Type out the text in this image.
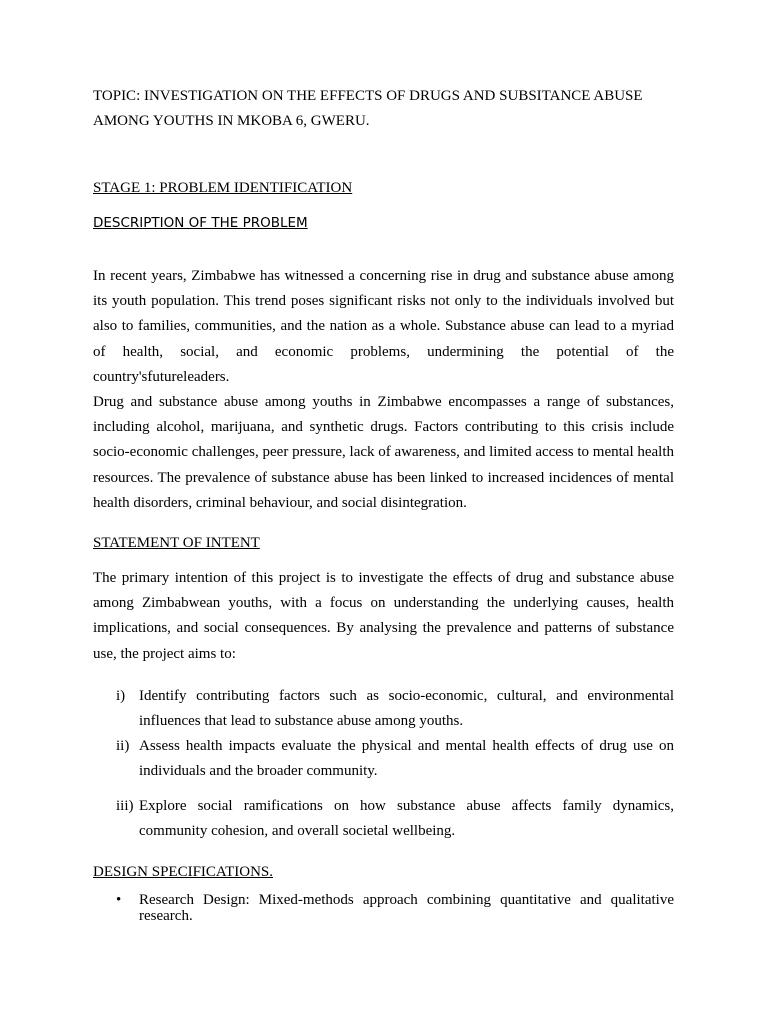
TOPIC: INVESTIGATION ON THE EFFECTS OF DRUGS AND SUBSITANCE ABUSE AMONG YOUTHS IN MKOBA 6, GWERU.
STAGE 1: PROBLEM IDENTIFICATION
DESCRIPTION OF THE PROBLEM

In recent years, Zimbabwe has witnessed a concerning rise in drug and substance abuse among its youth population. This trend poses significant risks not only to the individuals involved but also to families, communities, and the nation as a whole. Substance abuse can lead to a myriad of health, social, and economic problems, undermining the potential of the country'sfutureleaders.

Drug and substance abuse among youths in Zimbabwe encompasses a range of substances, including alcohol, marijuana, and synthetic drugs. Factors contributing to this crisis include socio-economic challenges, peer pressure, lack of awareness, and limited access to mental health resources. The prevalence of substance abuse has been linked to increased incidences of mental health disorders, criminal behaviour, and social disintegration.

STATEMENT OF INTENT

The primary intention of this project is to investigate the effects of drug and substance abuse among Zimbabwean youths, with a focus on understanding the underlying causes, health implications, and social consequences. By analysing the prevalence and patterns of substance use, the project aims to:

i) Identify contributing factors such as socio-economic, cultural, and environmental influences that lead to substance abuse among youths.
ii) Assess health impacts evaluate the physical and mental health effects of drug use on individuals and the broader community.
iii) Explore social ramifications on how substance abuse affects family dynamics, community cohesion, and overall societal wellbeing.
DESIGN SPECIFICATIONS.
• Research Design: Mixed-methods approach combining quantitative and qualitative research.
